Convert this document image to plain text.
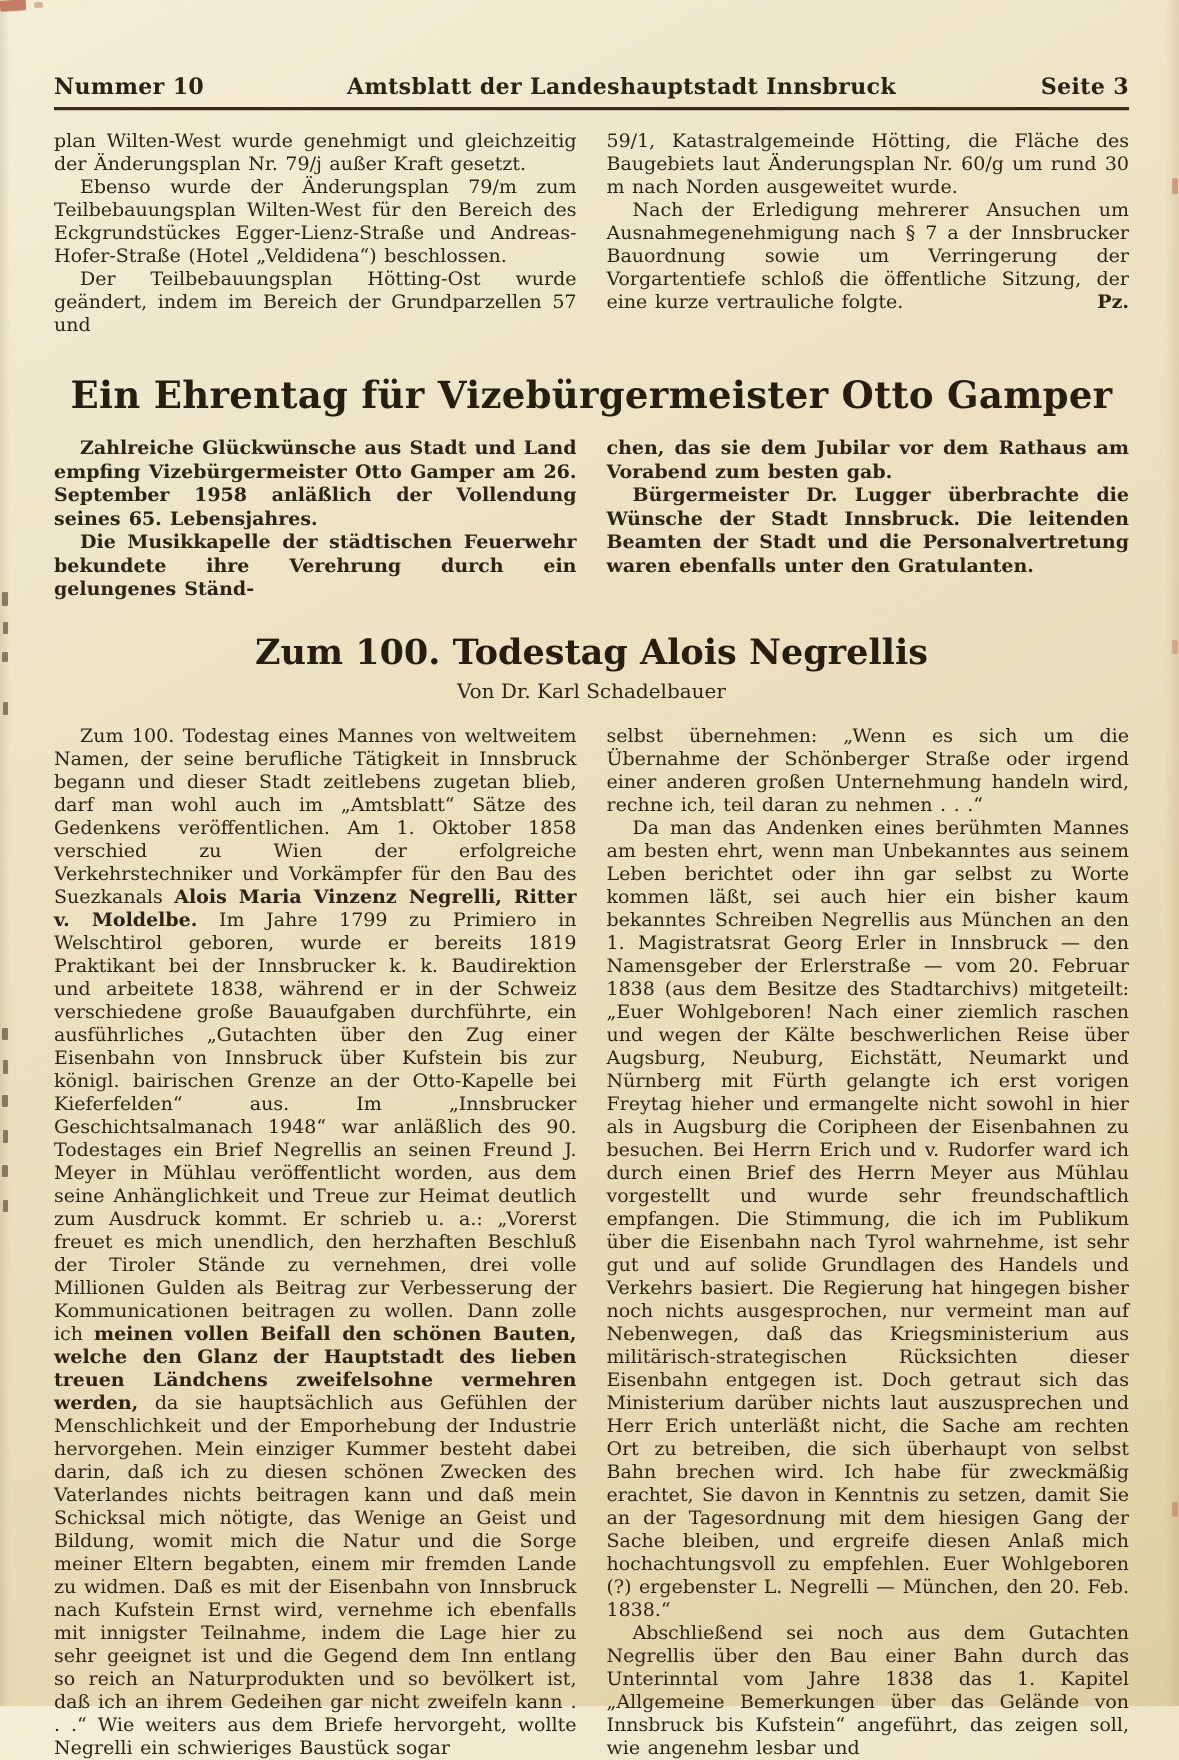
Nummer 10	Amtsblatt der Landeshauptstadt Innsbruck	Seite 3

plan Wilten-West wurde genehmigt und gleichzeitig der Änderungsplan Nr. 79/j außer Kraft gesetzt.

Ebenso wurde der Änderungsplan 79/m zum Teilbebauungsplan Wilten-West für den Bereich des Eckgrundstückes Egger-Lienz-Straße und Andreas-Hofer-Straße (Hotel „Veldidena“) beschlossen.

Der Teilbebauungsplan Hötting-Ost wurde geändert, indem im Bereich der Grundparzellen 57 und

59/1, Katastralgemeinde Hötting, die Fläche des Baugebiets laut Änderungsplan Nr. 60/g um rund 30 m nach Norden ausgeweitet wurde.

Nach der Erledigung mehrerer Ansuchen um Ausnahmegenehmigung nach § 7 a der Innsbrucker Bauordnung sowie um Verringerung der Vorgartentiefe schloß die öffentliche Sitzung, der eine kurze vertrauliche folgte.	Pz.

Ein Ehrentag für Vizebürgermeister Otto Gamper

Zahlreiche Glückwünsche aus Stadt und Land empfing Vizebürgermeister Otto Gamper am 26. September 1958 anläßlich der Vollendung seines 65. Lebensjahres.

Die Musikkapelle der städtischen Feuerwehr bekundete ihre Verehrung durch ein gelungenes Ständ-

chen, das sie dem Jubilar vor dem Rathaus am Vorabend zum besten gab.

Bürgermeister Dr. Lugger überbrachte die Wünsche der Stadt Innsbruck. Die leitenden Beamten der Stadt und die Personalvertretung waren ebenfalls unter den Gratulanten.

Zum 100. Todestag Alois Negrellis

Von Dr. Karl Schadelbauer

Zum 100. Todestag eines Mannes von weltweitem Namen, der seine berufliche Tätigkeit in Innsbruck begann und dieser Stadt zeitlebens zugetan blieb, darf man wohl auch im „Amtsblatt“ Sätze des Gedenkens veröffentlichen. Am 1. Oktober 1858 verschied zu Wien der erfolgreiche Verkehrstechniker und Vorkämpfer für den Bau des Suezkanals Alois Maria Vinzenz Negrelli, Ritter v. Moldelbe. Im Jahre 1799 zu Primiero in Welschtirol geboren, wurde er bereits 1819 Praktikant bei der Innsbrucker k. k. Baudirektion und arbeitete 1838, während er in der Schweiz verschiedene große Bauaufgaben durchführte, ein ausführliches „Gutachten über den Zug einer Eisenbahn von Innsbruck über Kufstein bis zur königl. bairischen Grenze an der Otto-Kapelle bei Kieferfelden“ aus. Im „Innsbrucker Geschichtsalmanach 1948“ war anläßlich des 90. Todestages ein Brief Negrellis an seinen Freund J. Meyer in Mühlau veröffentlicht worden, aus dem seine Anhänglichkeit und Treue zur Heimat deutlich zum Ausdruck kommt. Er schrieb u. a.: „Vorerst freuet es mich unendlich, den herzhaften Beschluß der Tiroler Stände zu vernehmen, drei volle Millionen Gulden als Beitrag zur Verbesserung der Kommunicationen beitragen zu wollen. Dann zolle ich meinen vollen Beifall den schönen Bauten, welche den Glanz der Hauptstadt des lieben treuen Ländchens zweifelsohne vermehren werden, da sie hauptsächlich aus Gefühlen der Menschlichkeit und der Emporhebung der Industrie hervorgehen. Mein einziger Kummer besteht dabei darin, daß ich zu diesen schönen Zwecken des Vaterlandes nichts beitragen kann und daß mein Schicksal mich nötigte, das Wenige an Geist und Bildung, womit mich die Natur und die Sorge meiner Eltern begabten, einem mir fremden Lande zu widmen. Daß es mit der Eisenbahn von Innsbruck nach Kufstein Ernst wird, vernehme ich ebenfalls mit innigster Teilnahme, indem die Lage hier zu sehr geeignet ist und die Gegend dem Inn entlang so reich an Naturprodukten und so bevölkert ist, daß ich an ihrem Gedeihen gar nicht zweifeln kann . . .“ Wie weiters aus dem Briefe hervorgeht, wollte Negrelli ein schwieriges Baustück sogar

selbst übernehmen: „Wenn es sich um die Übernahme der Schönberger Straße oder irgend einer anderen großen Unternehmung handeln wird, rechne ich, teil daran zu nehmen . . .“

Da man das Andenken eines berühmten Mannes am besten ehrt, wenn man Unbekanntes aus seinem Leben berichtet oder ihn gar selbst zu Worte kommen läßt, sei auch hier ein bisher kaum bekanntes Schreiben Negrellis aus München an den 1. Magistratsrat Georg Erler in Innsbruck — den Namensgeber der Erlerstraße — vom 20. Februar 1838 (aus dem Besitze des Stadtarchivs) mitgeteilt: „Euer Wohlgeboren! Nach einer ziemlich raschen und wegen der Kälte beschwerlichen Reise über Augsburg, Neuburg, Eichstätt, Neumarkt und Nürnberg mit Fürth gelangte ich erst vorigen Freytag hieher und ermangelte nicht sowohl in hier als in Augsburg die Coripheen der Eisenbahnen zu besuchen. Bei Herrn Erich und v. Rudorfer ward ich durch einen Brief des Herrn Meyer aus Mühlau vorgestellt und wurde sehr freundschaftlich empfangen. Die Stimmung, die ich im Publikum über die Eisenbahn nach Tyrol wahrnehme, ist sehr gut und auf solide Grundlagen des Handels und Verkehrs basiert. Die Regierung hat hingegen bisher noch nichts ausgesprochen, nur vermeint man auf Nebenwegen, daß das Kriegsministerium aus militärisch-strategischen Rücksichten dieser Eisenbahn entgegen ist. Doch getraut sich das Ministerium darüber nichts laut auszusprechen und Herr Erich unterläßt nicht, die Sache am rechten Ort zu betreiben, die sich überhaupt von selbst Bahn brechen wird. Ich habe für zweckmäßig erachtet, Sie davon in Kenntnis zu setzen, damit Sie an der Tagesordnung mit dem hiesigen Gang der Sache bleiben, und ergreife diesen Anlaß mich hochachtungsvoll zu empfehlen. Euer Wohlgeboren (?) ergebenster L. Negrelli — München, den 20. Feb. 1838.“

Abschließend sei noch aus dem Gutachten Negrellis über den Bau einer Bahn durch das Unterinntal vom Jahre 1838 das 1. Kapitel „Allgemeine Bemerkungen über das Gelände von Innsbruck bis Kufstein“ angeführt, das zeigen soll, wie angenehm lesbar und
